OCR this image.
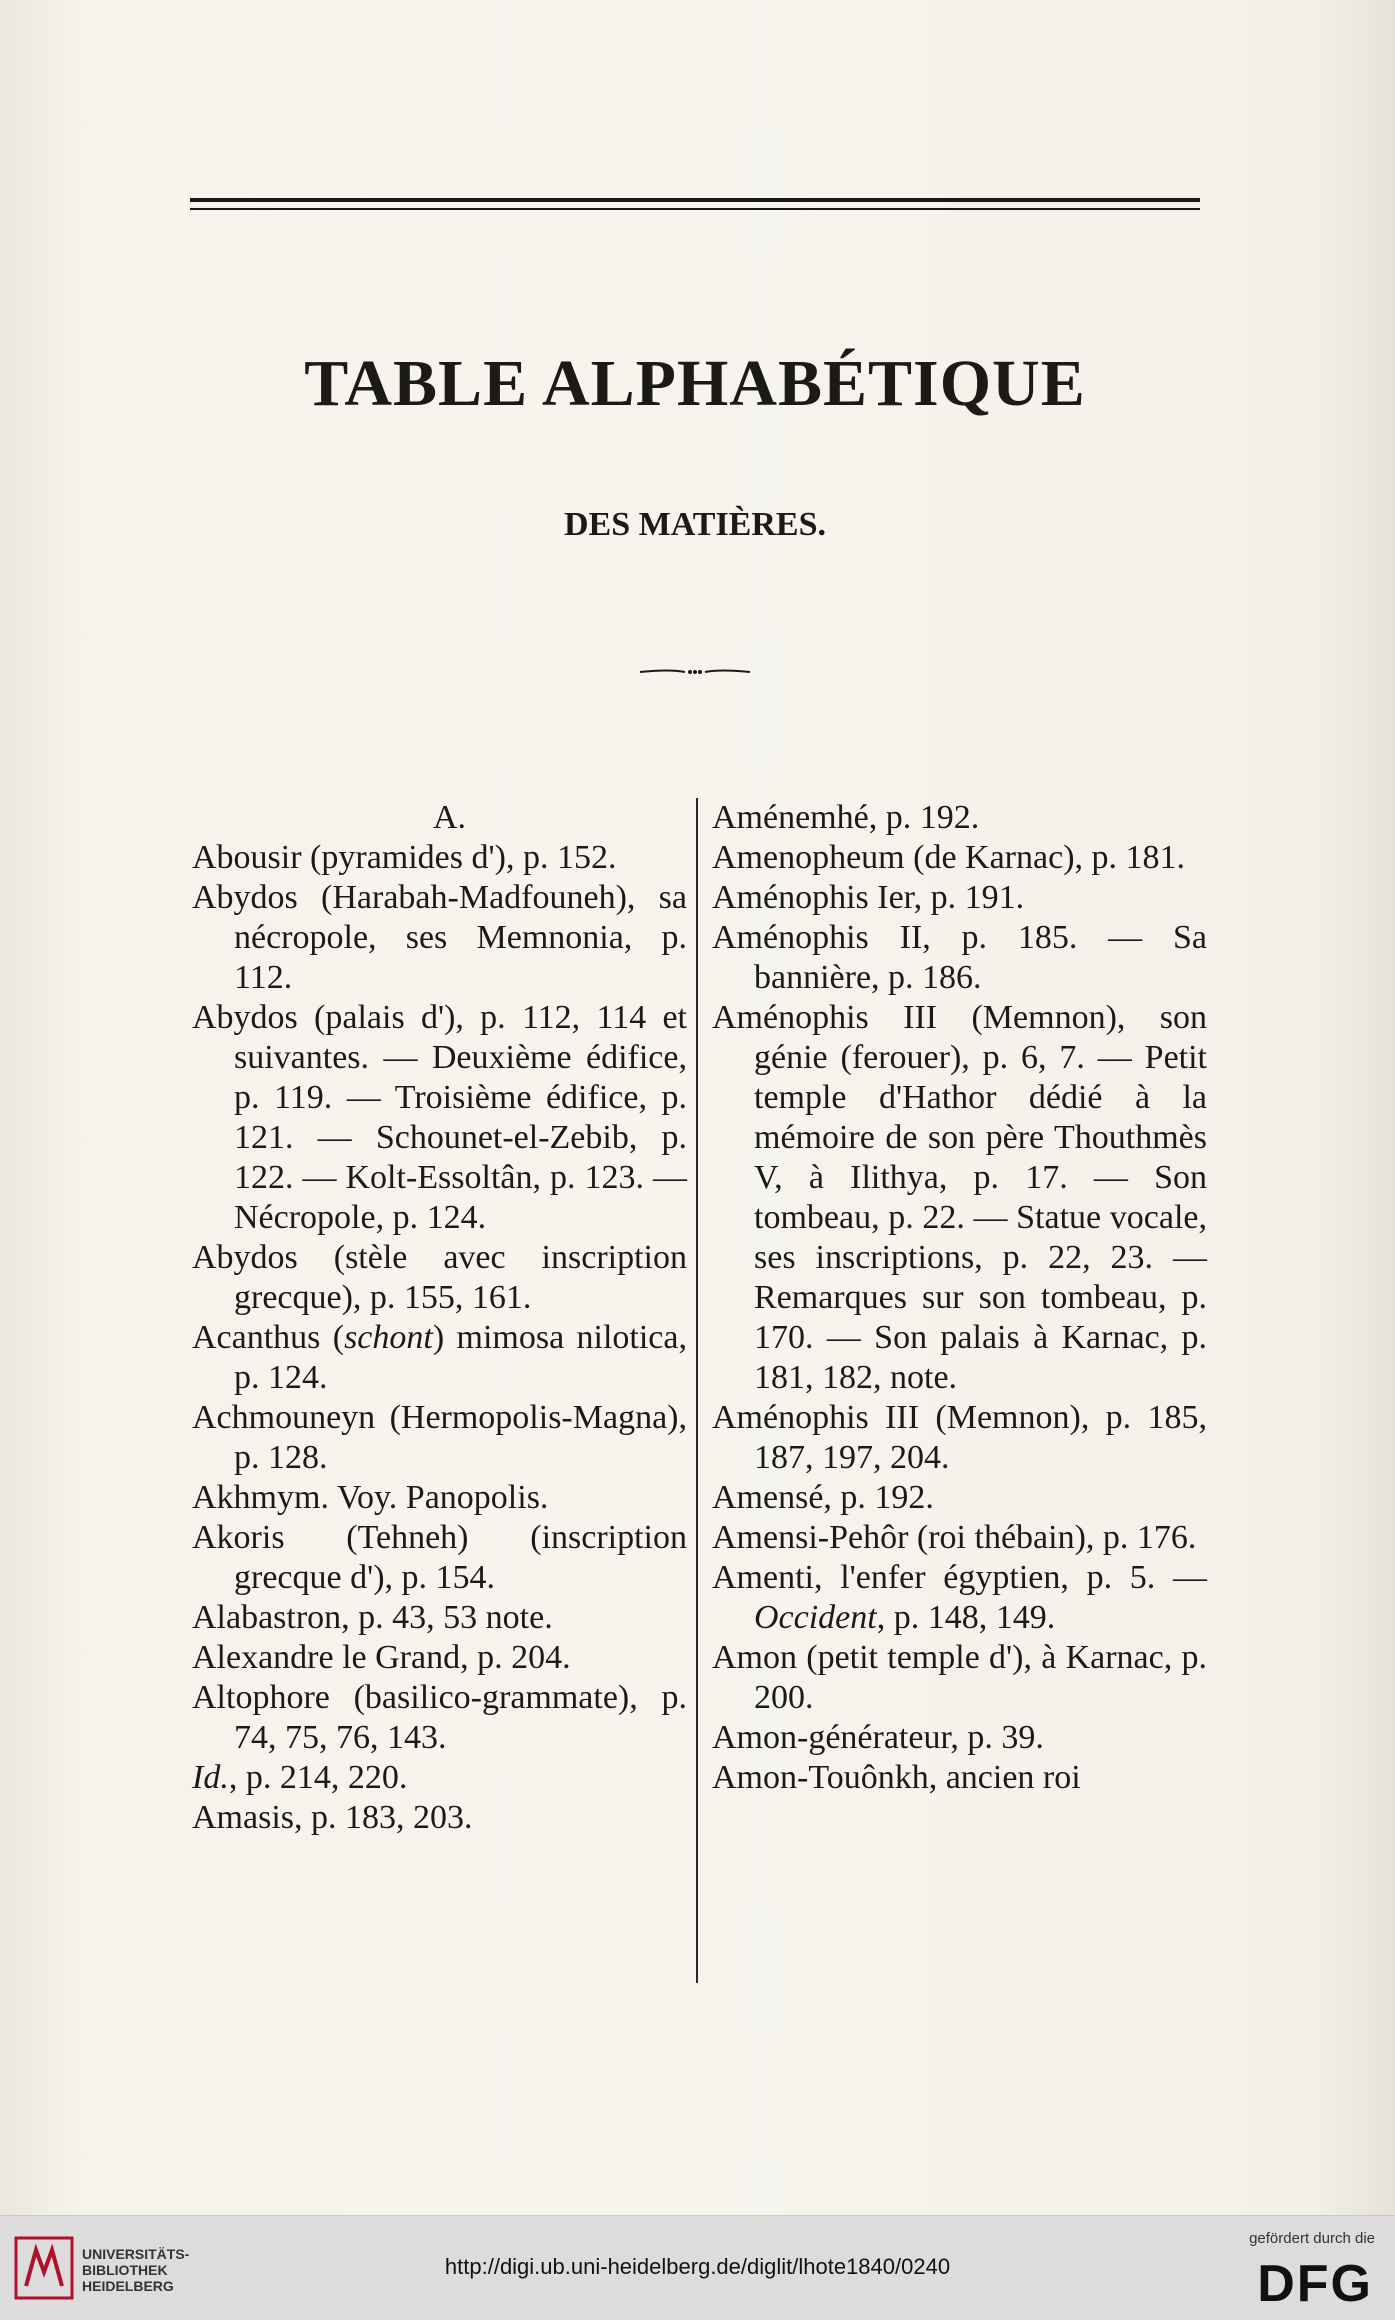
TABLE ALPHABÉTIQUE
DES MATIÈRES.
A.
Abousir (pyramides d'), p. 152.
Abydos (Harabah-Madfouneh), sa nécropole, ses Memnonia, p. 112.
Abydos (palais d'), p. 112, 114 et suivantes. — Deuxième édifice, p. 119. — Troisième édifice, p. 121. — Schounet-el-Zebib, p. 122. — Kolt-Essoltân, p. 123. — Nécropole, p. 124.
Abydos (stèle avec inscription grecque), p. 155, 161.
Acanthus (schont) mimosa nilotica, p. 124.
Achmouneyn (Hermopolis-Magna), p. 128.
Akhmym. Voy. Panopolis.
Akoris (Tehneh) (inscription grecque d'), p. 154.
Alabastron, p. 43, 53 note.
Alexandre le Grand, p. 204.
Altophore (basilico-grammate), p. 74, 75, 76, 143.
Id., p. 214, 220.
Amasis, p. 183, 203.
Aménemhé, p. 192.
Amenopheum (de Karnac), p. 181.
Aménophis Ier, p. 191.
Aménophis II, p. 185. — Sa bannière, p. 186.
Aménophis III (Memnon), son génie (ferouer), p. 6, 7. — Petit temple d'Hathor dédié à la mémoire de son père Thouthmès V, à Ilithya, p. 17. — Son tombeau, p. 22. — Statue vocale, ses inscriptions, p. 22, 23. — Remarques sur son tombeau, p. 170. — Son palais à Karnac, p. 181, 182, note.
Aménophis III (Memnon), p. 185, 187, 197, 204.
Amensé, p. 192.
Amensi-Pehôr (roi thébain), p. 176.
Amenti, l'enfer égyptien, p. 5. — Occident, p. 148, 149.
Amon (petit temple d'), à Karnac, p. 200.
Amon-générateur, p. 39.
Amon-Touônkh, ancien roi
UNIVERSITÄTS-BIBLIOTHEK HEIDELBERG
http://digi.ub.uni-heidelberg.de/diglit/lhote1840/0240
gefördert durch die
DFG
